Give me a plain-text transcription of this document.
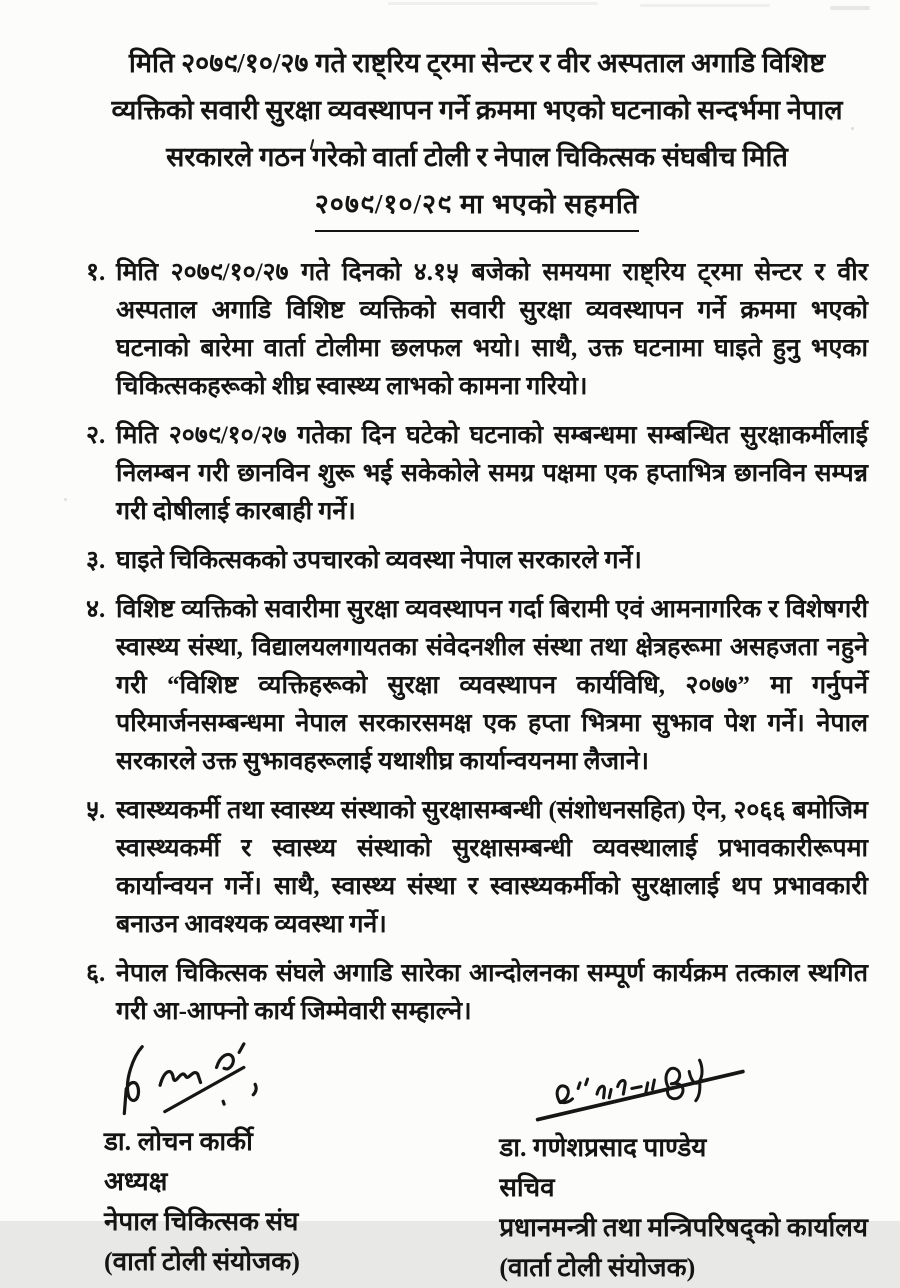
मिति २०७९/१०/२७ गते राष्ट्रिय ट्रमा सेन्टर र वीर अस्पताल अगाडि विशिष्ट
व्यक्तिको सवारी सुरक्षा व्यवस्थापन गर्ने क्रममा भएको घटनाको सन्दर्भमा नेपाल
सरकारले गठन गरेको वार्ता टोली र नेपाल चिकित्सक संघबीच मिति
२०७९/१०/२९ मा भएको सहमति
१. मिति २०७९/१०/२७ गते दिनको ४.१५ बजेको समयमा राष्ट्रिय ट्रमा सेन्टर र वीर अस्पताल अगाडि विशिष्ट व्यक्तिको सवारी सुरक्षा व्यवस्थापन गर्ने क्रममा भएको घटनाको बारेमा वार्ता टोलीमा छलफल भयो। साथै, उक्त घटनामा घाइते हुनु भएका चिकित्सकहरूको शीघ्र स्वास्थ्य लाभको कामना गरियो।
२. मिति २०७९/१०/२७ गतेका दिन घटेको घटनाको सम्बन्धमा सम्बन्धित सुरक्षाकर्मीलाई निलम्बन गरी छानविन शुरू भई सकेकोले समग्र पक्षमा एक हप्ताभित्र छानविन सम्पन्न गरी दोषीलाई कारबाही गर्ने।
३. घाइते चिकित्सकको उपचारको व्यवस्था नेपाल सरकारले गर्ने।
४. विशिष्ट व्यक्तिको सवारीमा सुरक्षा व्यवस्थापन गर्दा बिरामी एवं आमनागरिक र विशेषगरी स्वास्थ्य संस्था, विद्यालयलगायतका संवेदनशील संस्था तथा क्षेत्रहरूमा असहजता नहुने गरी “विशिष्ट व्यक्तिहरूको सुरक्षा व्यवस्थापन कार्यविधि, २०७७” मा गर्नुपर्ने परिमार्जनसम्बन्धमा नेपाल सरकारसमक्ष एक हप्ता भित्रमा सुझाव पेश गर्ने। नेपाल सरकारले उक्त सुझावहरूलाई यथाशीघ्र कार्यान्वयनमा लैजाने।
५. स्वास्थ्यकर्मी तथा स्वास्थ्य संस्थाको सुरक्षासम्बन्धी (संशोधनसहित) ऐन, २०६६ बमोजिम स्वास्थ्यकर्मी र स्वास्थ्य संस्थाको सुरक्षासम्बन्धी व्यवस्थालाई प्रभावकारीरूपमा कार्यान्वयन गर्ने। साथै, स्वास्थ्य संस्था र स्वास्थ्यकर्मीको सुरक्षालाई थप प्रभावकारी बनाउन आवश्यक व्यवस्था गर्ने।
६. नेपाल चिकित्सक संघले अगाडि सारेका आन्दोलनका सम्पूर्ण कार्यक्रम तत्काल स्थगित गरी आ-आफ्नो कार्य जिम्मेवारी सम्हाल्ने।
डा. लोचन कार्की
अध्यक्ष
नेपाल चिकित्सक संघ
(वार्ता टोली संयोजक)
डा. गणेशप्रसाद पाण्डेय
सचिव
प्रधानमन्त्री तथा मन्त्रिपरिषद्‌को कार्यालय
(वार्ता टोली संयोजक)
